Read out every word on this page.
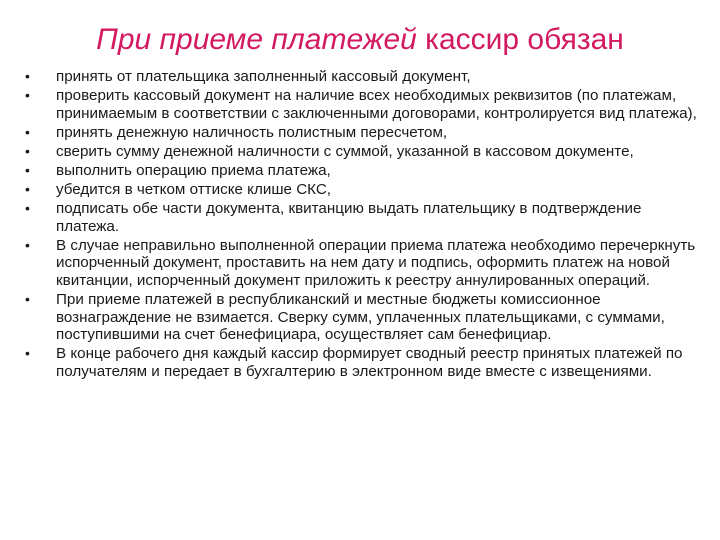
При приеме платежей кассир обязан
• принять от плательщика заполненный кассовый документ,
• проверить кассовый документ на наличие всех необходимых реквизитов (по платежам, принимаемым в соответствии с заключенными договорами, контролируется вид платежа),
• принять денежную наличность полистным пересчетом,
• сверить сумму денежной наличности с суммой, указанной в кассовом документе,
• выполнить операцию приема платежа,
• убедится в четком оттиске клише СКС,
• подписать обе части документа, квитанцию выдать плательщику в подтверждение платежа.
• В случае неправильно выполненной операции приема платежа необходимо перечеркнуть испорченный документ, проставить на нем дату и подпись, оформить платеж на новой квитанции, испорченный документ приложить к реестру аннулированных операций.
• При приеме платежей в республиканский и местные бюджеты комиссионное вознаграждение не взимается. Сверку сумм, уплаченных плательщиками, с суммами, поступившими на счет бенефициара, осуществляет сам бенефициар.
• В конце рабочего дня каждый кассир формирует сводный реестр принятых платежей по получателям и передает в бухгалтерию в электронном виде вместе с извещениями.
